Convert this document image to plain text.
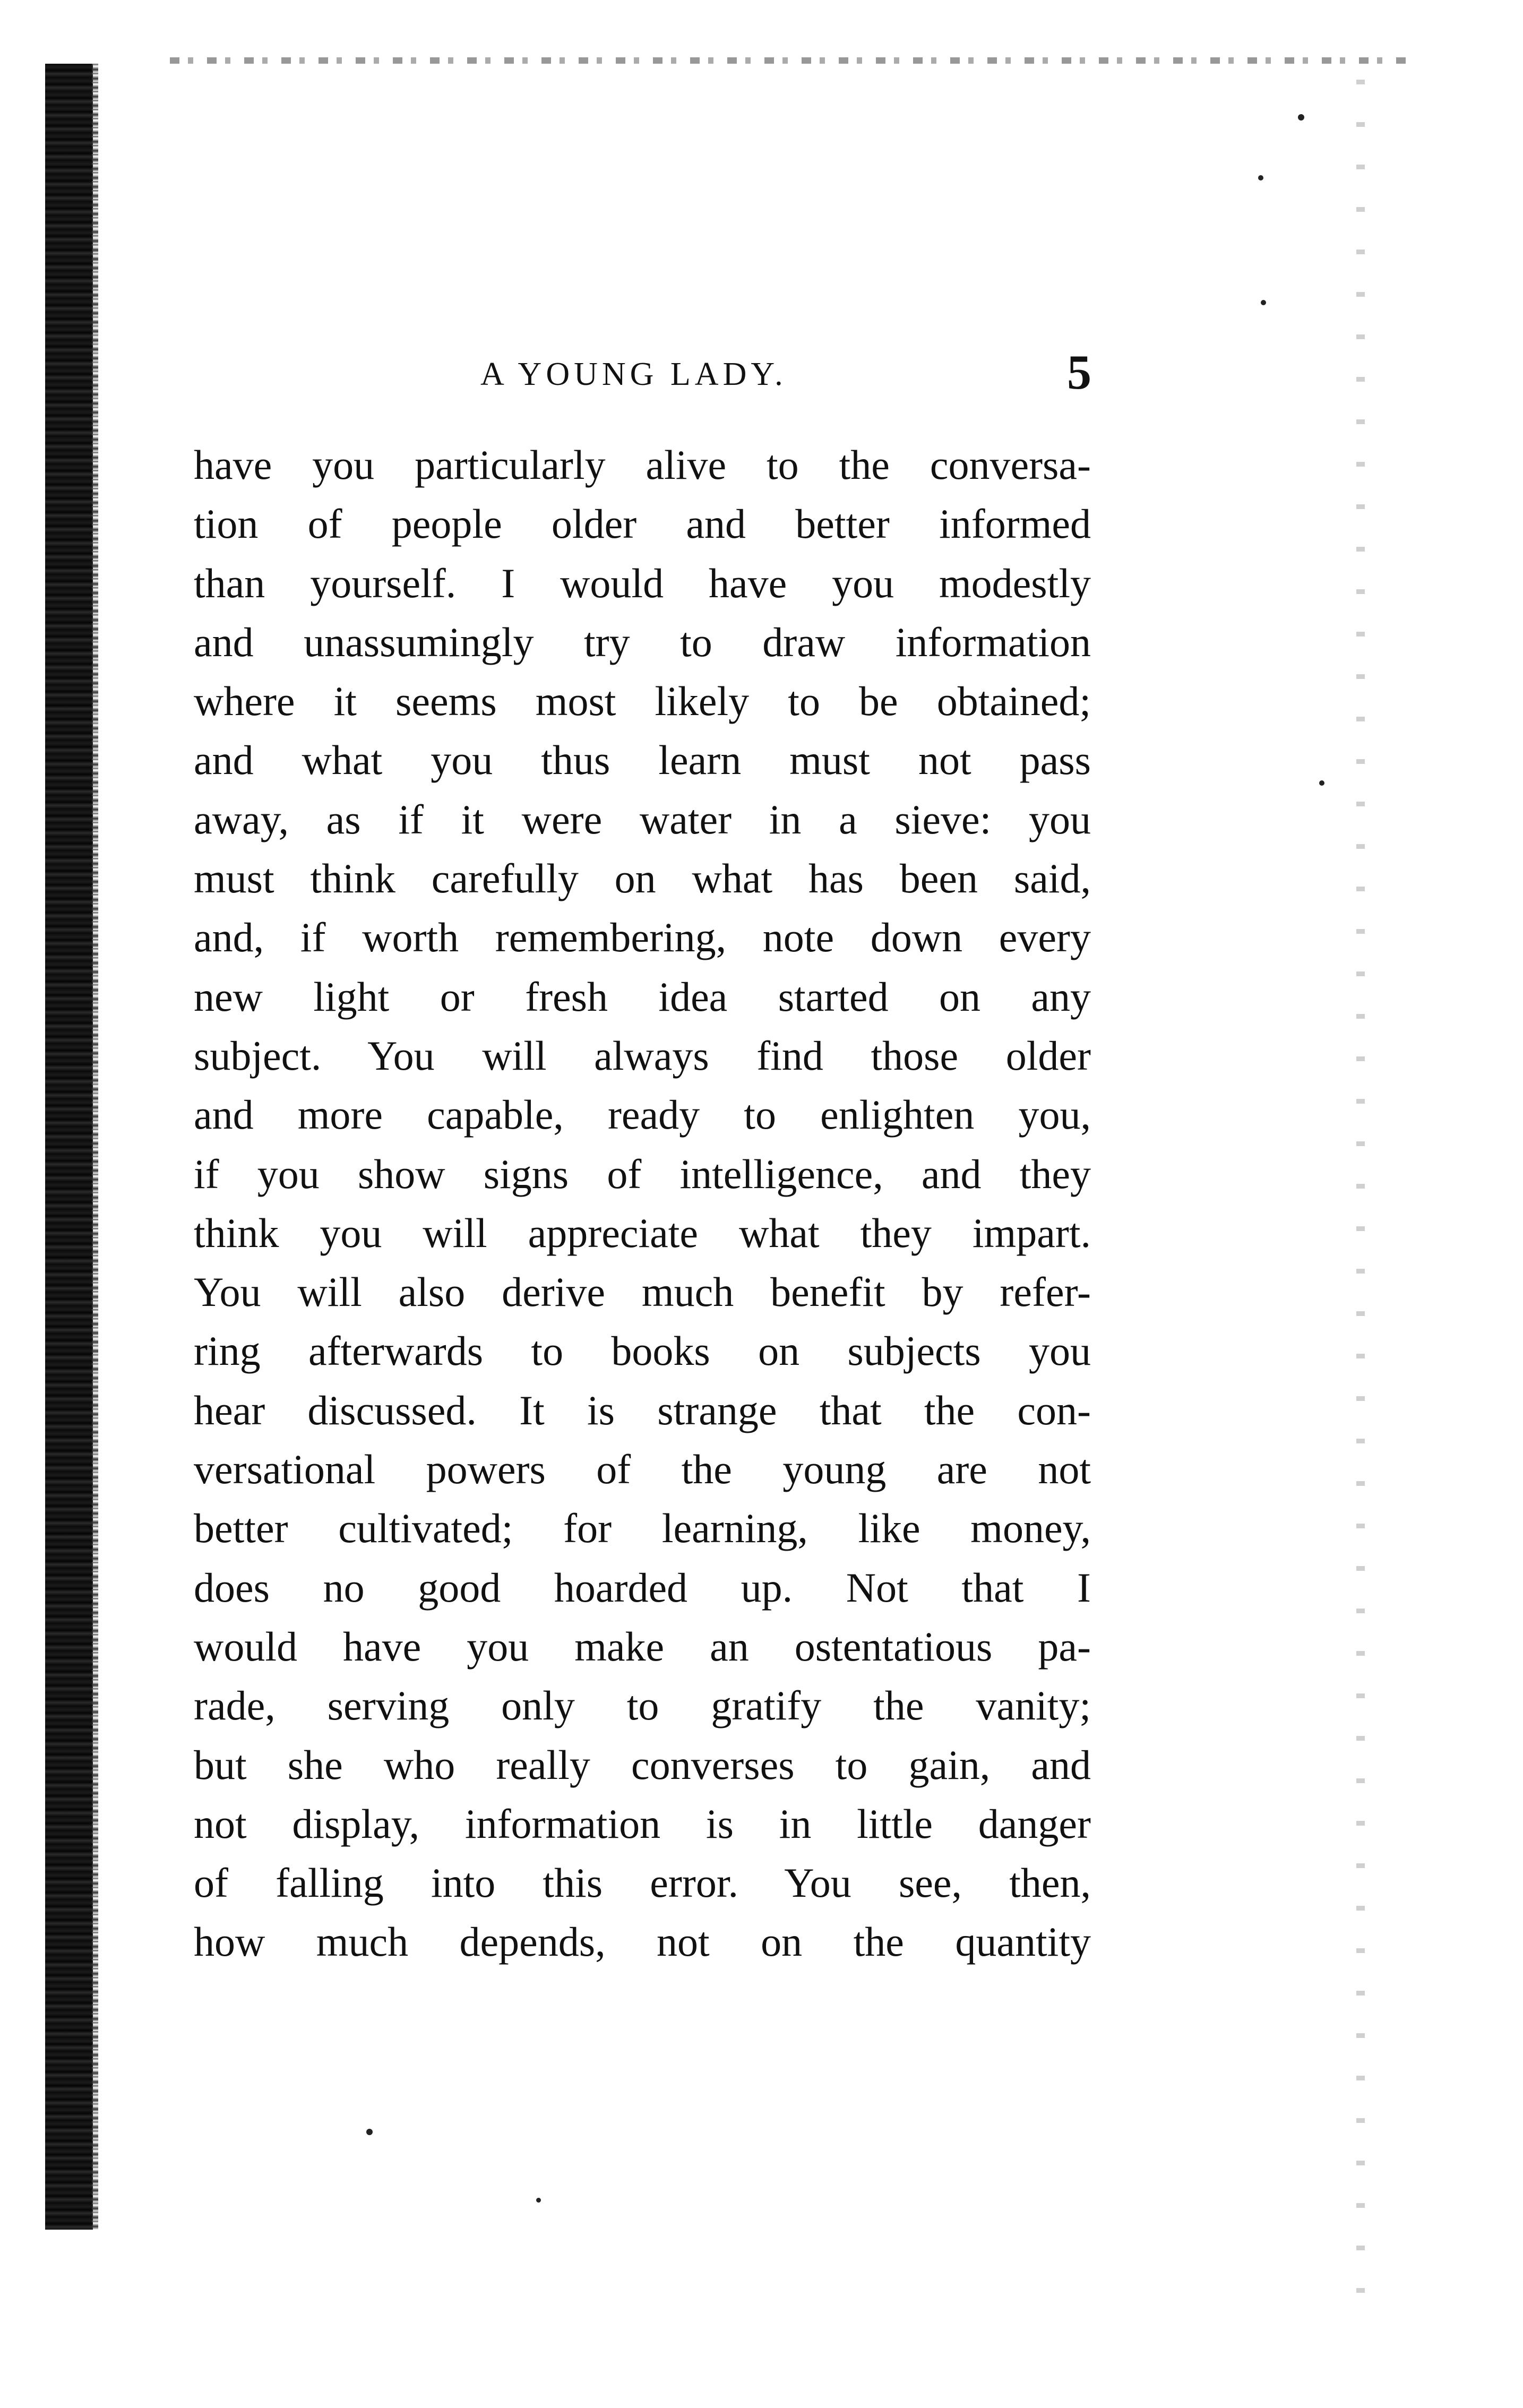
A YOUNG LADY.	5
have you particularly alive to the conversa-
tion of people older and better informed
than yourself. I would have you modestly
and unassumingly try to draw information
where it seems most likely to be obtained;
and what you thus learn must not pass
away, as if it were water in a sieve: you
must think carefully on what has been said,
and, if worth remembering, note down every
new light or fresh idea started on any
subject. You will always find those older
and more capable, ready to enlighten you,
if you show signs of intelligence, and they
think you will appreciate what they impart.
You will also derive much benefit by refer-
ring afterwards to books on subjects you
hear discussed. It is strange that the con-
versational powers of the young are not
better cultivated; for learning, like money,
does no good hoarded up. Not that I
would have you make an ostentatious pa-
rade, serving only to gratify the vanity;
but she who really converses to gain, and
not display, information is in little danger
of falling into this error. You see, then,
how much depends, not on the quantity
